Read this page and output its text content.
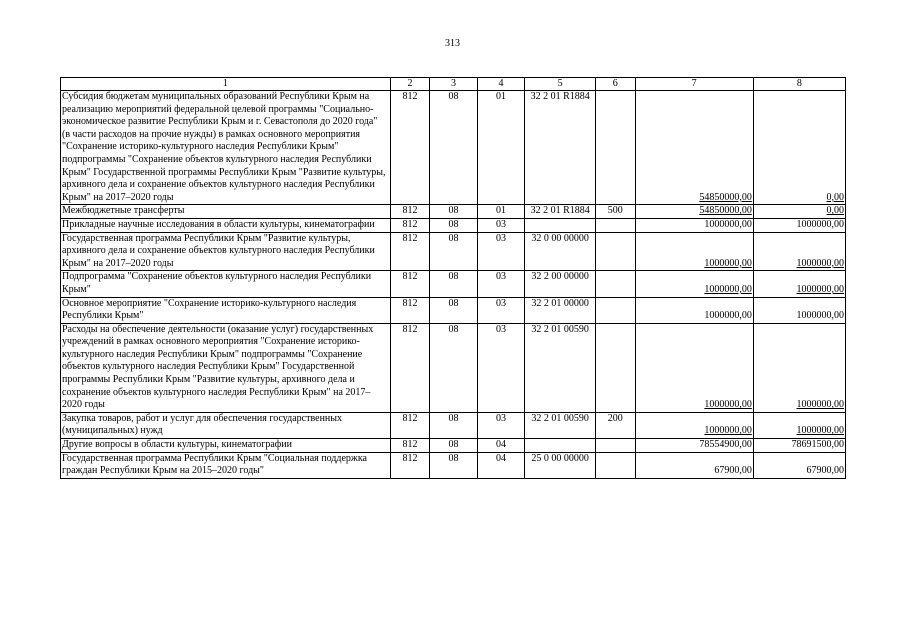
313
1	2	3	4	5	6	7	8
Субсидия бюджетам муниципальных образований Республики Крым на реализацию мероприятий федеральной целевой программы "Социально-экономическое развитие Республики Крым и г. Севастополя до 2020 года" (в части расходов на прочие нужды) в рамках основного мероприятия "Сохранение историко-культурного наследия Республики Крым" подпрограммы "Сохранение объектов культурного наследия Республики Крым" Государственной программы Республики Крым "Развитие культуры, архивного дела и сохранение объектов культурного наследия Республики Крым" на 2017–2020 годы	812	08	01	32 2 01 R1884		54850000,00	0,00
Межбюджетные трансферты	812	08	01	32 2 01 R1884	500	54850000,00	0,00
Прикладные научные исследования в области культуры, кинематографии	812	08	03			1000000,00	1000000,00
Государственная программа Республики Крым "Развитие культуры, архивного дела и сохранение объектов культурного наследия Республики Крым" на 2017–2020 годы	812	08	03	32 0 00 00000		1000000,00	1000000,00
Подпрограмма "Сохранение объектов культурного наследия Республики Крым"	812	08	03	32 2 00 00000		1000000,00	1000000,00
Основное мероприятие "Сохранение историко-культурного наследия Республики Крым"	812	08	03	32 2 01 00000		1000000,00	1000000,00
Расходы на обеспечение деятельности (оказание услуг) государственных учреждений в рамках основного мероприятия "Сохранение историко-культурного наследия Республики Крым" подпрограммы "Сохранение объектов культурного наследия Республики Крым" Государственной программы Республики Крым "Развитие культуры, архивного дела и сохранение объектов культурного наследия Республики Крым" на 2017–2020 годы	812	08	03	32 2 01 00590		1000000,00	1000000,00
Закупка товаров, работ и услуг для обеспечения государственных (муниципальных) нужд	812	08	03	32 2 01 00590	200	1000000,00	1000000,00
Другие вопросы в области культуры, кинематографии	812	08	04			78554900,00	78691500,00
Государственная программа Республики Крым "Социальная поддержка граждан Республики Крым на 2015–2020 годы"	812	08	04	25 0 00 00000		67900,00	67900,00
